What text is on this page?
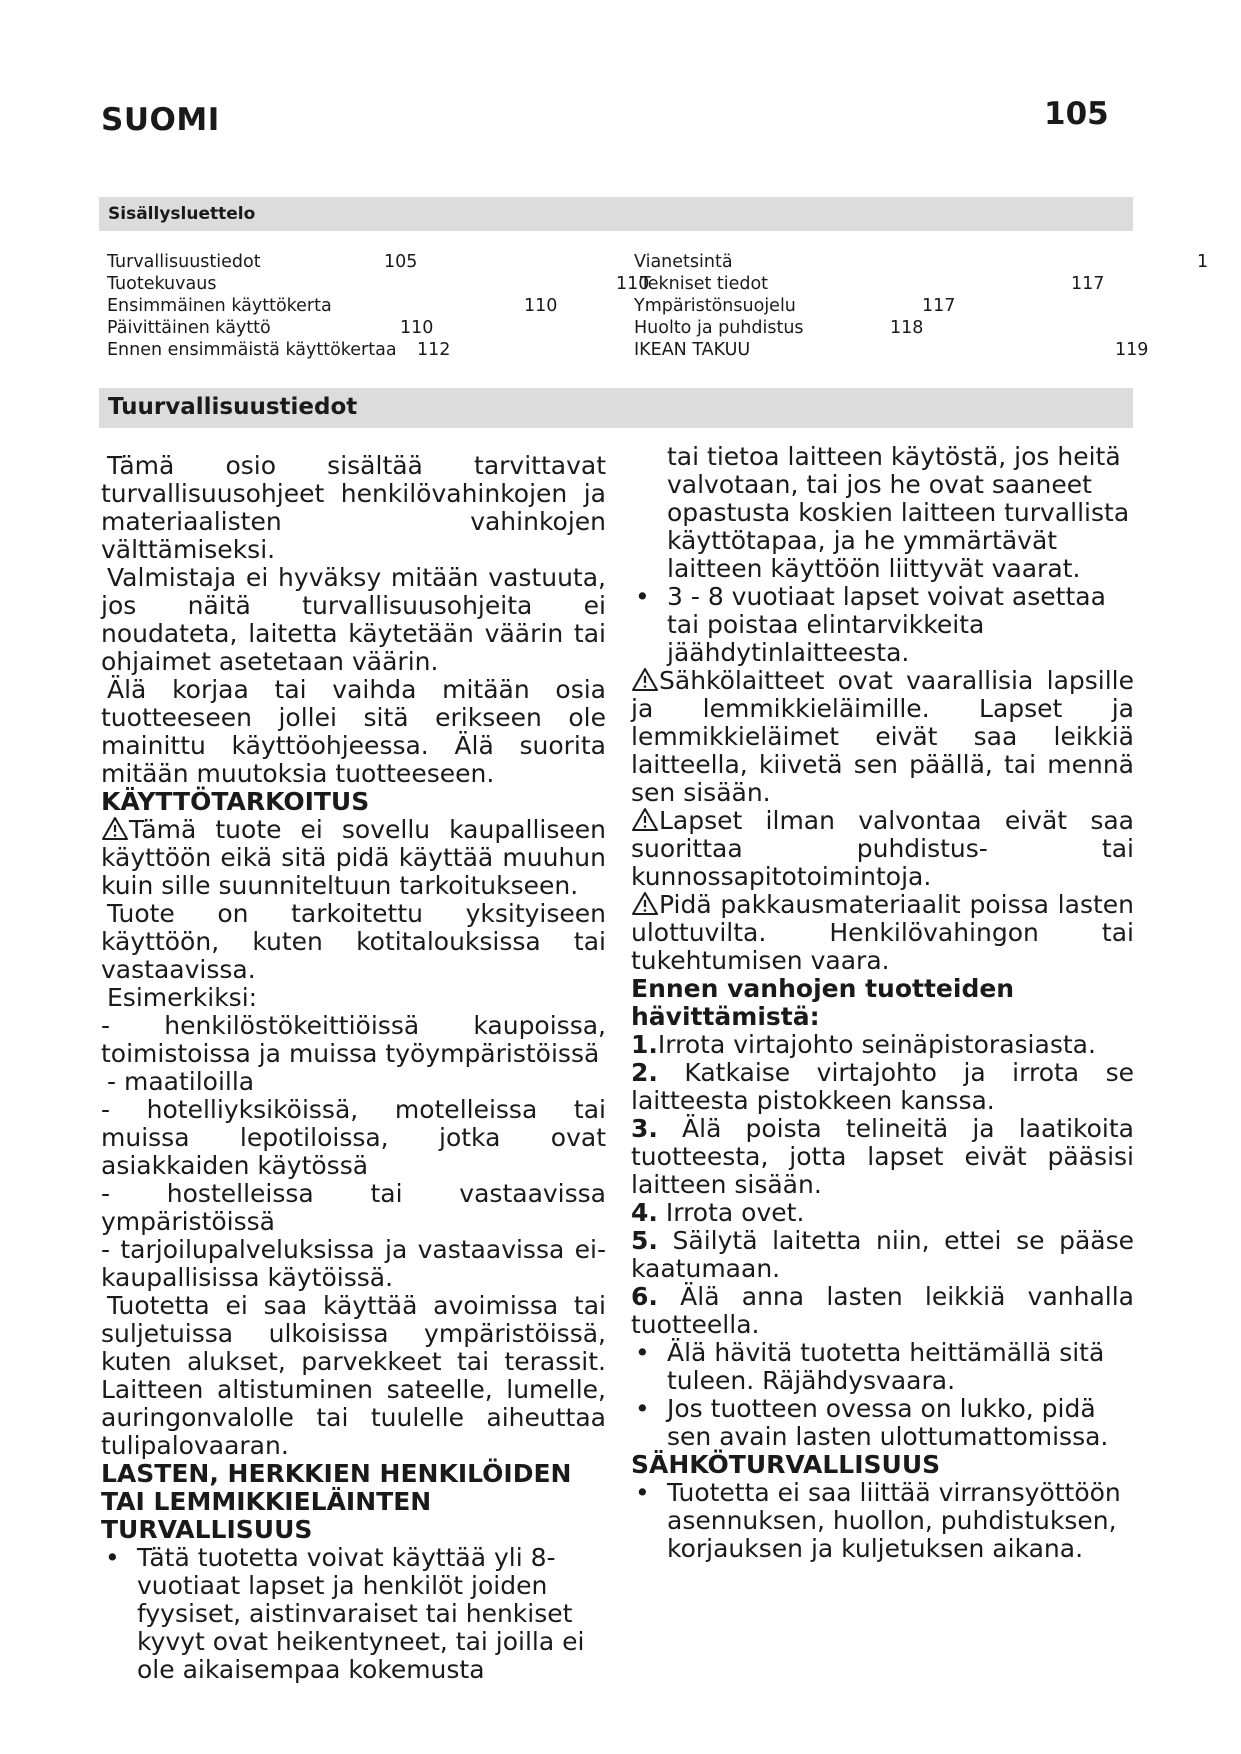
SUOMI	105
Sisällysluettelo
Turvallisuustiedot	105
Tuotekuvaus	110
Ensimmäinen käyttökerta	110
Päivittäinen käyttö	110
Ennen ensimmäistä käyttökertaa 112
Vianetsintä	1
Tekniset tiedot	117
Ympäristönsuojelu	117
Huolto ja puhdistus	118
IKEAN TAKUU	119
Tuurvallisuustiedot

Tämä osio sisältää tarvittavat turvallisuusohjeet henkilövahinkojen ja materiaalisten vahinkojen välttämiseksi.

Valmistaja ei hyväksy mitään vastuuta, jos näitä turvallisuusohjeita ei noudateta, laitetta käytetään väärin tai ohjaimet asetetaan väärin.

Älä korjaa tai vaihda mitään osia tuotteeseen jollei sitä erikseen ole mainittu käyttöohjeessa. Älä suorita mitään muutoksia tuotteeseen.

KÄYTTÖTARKOITUS

Tämä tuote ei sovellu kaupalliseen käyttöön eikä sitä pidä käyttää muuhun kuin sille suunniteltuun tarkoitukseen.

Tuote on tarkoitettu yksityiseen käyttöön, kuten kotitalouksissa tai vastaavissa.

Esimerkiksi:

- henkilöstökeittiöissä kaupoissa, toimistoissa ja muissa työympäristöissä

- maatiloilla

- hotelliyksiköissä, motelleissa tai muissa lepotiloissa, jotka ovat asiakkaiden käytössä

- hostelleissa tai vastaavissa ympäristöissä

- tarjoilupalveluksissa ja vastaavissa ei-kaupallisissa käytöissä.

Tuotetta ei saa käyttää avoimissa tai suljetuissa ulkoisissa ympäristöissä, kuten alukset, parvekkeet tai terassit. Laitteen altistuminen sateelle, lumelle, auringonvalolle tai tuulelle aiheuttaa tulipalovaaran.

LASTEN, HERKKIEN HENKILÖIDEN TAI LEMMIKKIELÄINTEN TURVALLISUUS

• Tätä tuotetta voivat käyttää yli 8-vuotiaat lapset ja henkilöt joiden fyysiset, aistinvaraiset tai henkiset kyvyt ovat heikentyneet, tai joilla ei ole aikaisempaa kokemusta

tai tietoa laitteen käytöstä, jos heitä valvotaan, tai jos he ovat saaneet opastusta koskien laitteen turvallista käyttötapaa, ja he ymmärtävät laitteen käyttöön liittyvät vaarat.

• 3 - 8 vuotiaat lapset voivat asettaa tai poistaa elintarvikkeita jäähdytinlaitteesta.

Sähkölaitteet ovat vaarallisia lapsille ja lemmikkieläimille. Lapset ja lemmikkieläimet eivät saa leikkiä laitteella, kiivetä sen päällä, tai mennä sen sisään.

Lapset ilman valvontaa eivät saa suorittaa puhdistus- tai kunnossapitotoimintoja.

Pidä pakkausmateriaalit poissa lasten ulottuvilta. Henkilövahingon tai tukehtumisen vaara.

Ennen vanhojen tuotteiden hävittämistä:

1.Irrota virtajohto seinäpistorasiasta.

2. Katkaise virtajohto ja irrota se laitteesta pistokkeen kanssa.

3. Älä poista telineitä ja laatikoita tuotteesta, jotta lapset eivät pääsisi laitteen sisään.

4. Irrota ovet.

5. Säilytä laitetta niin, ettei se pääse kaatumaan.

6. Älä anna lasten leikkiä vanhalla tuotteella.

• Älä hävitä tuotetta heittämällä sitä tuleen. Räjähdysvaara.

• Jos tuotteen ovessa on lukko, pidä sen avain lasten ulottumattomissa.

SÄHKÖTURVALLISUUS

• Tuotetta ei saa liittää virransyöttöön asennuksen, huollon, puhdistuksen, korjauksen ja kuljetuksen aikana.
